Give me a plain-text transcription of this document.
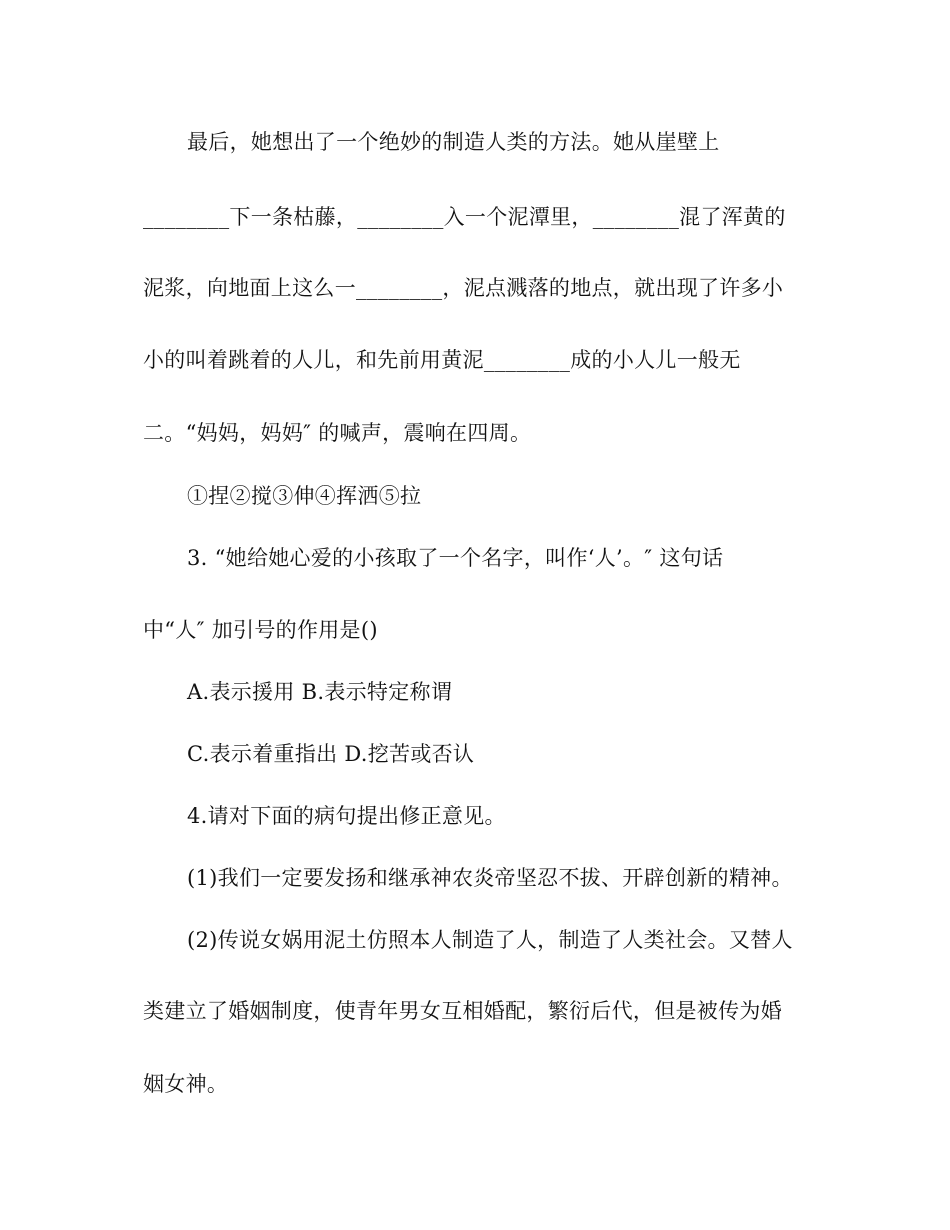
最后，她想出了一个绝妙的制造人类的方法。她从崖壁上
________下一条枯藤，________入一个泥潭里，________混了浑黄的
泥浆，向地面上这么一________，泥点溅落的地点，就出现了许多小
小的叫着跳着的人儿，和先前用黄泥________成的小人儿一般无
二。“妈妈，妈妈″ 的喊声，震响在四周。
①捏②搅③伸④挥洒⑤拉
3. “她给她心爱的小孩取了一个名字，叫作‘人’。″ 这句话
中“人″ 加引号的作用是()
A.表示援用 B.表示特定称谓
C.表示着重指出 D.挖苦或否认
4.请对下面的病句提出修正意见。
(1)我们一定要发扬和继承神农炎帝坚忍不拔、开辟创新的精神。
(2)传说女娲用泥土仿照本人制造了人，制造了人类社会。又替人
类建立了婚姻制度，使青年男女互相婚配，繁衍后代，但是被传为婚
姻女神。
